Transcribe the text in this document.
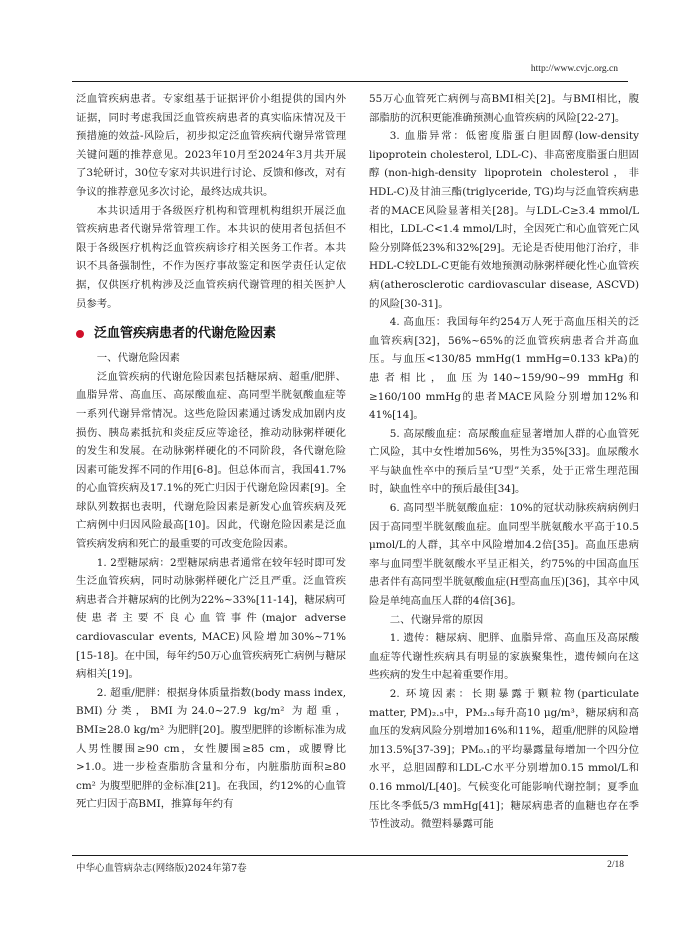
http://www.cvjc.org.cn

泛血管疾病患者。专家组基于证据评价小组提供的国内外证据，同时考虑我国泛血管疾病患者的真实临床情况及干预措施的效益-风险后，初步拟定泛血管疾病代谢异常管理关键问题的推荐意见。2023年10月至2024年3月共开展了3轮研讨，30位专家对共识进行讨论、反馈和修改，对有争议的推荐意见多次讨论，最终达成共识。

本共识适用于各级医疗机构和管理机构组织开展泛血管疾病患者代谢异常管理工作。本共识的使用者包括但不限于各级医疗机构泛血管疾病诊疗相关医务工作者。本共识不具备强制性，不作为医疗事故鉴定和医学责任认定依据，仅供医疗机构涉及泛血管疾病代谢管理的相关医护人员参考。

泛血管疾病患者的代谢危险因素

一、代谢危险因素

泛血管疾病的代谢危险因素包括糖尿病、超重/肥胖、血脂异常、高血压、高尿酸血症、高同型半胱氨酸血症等一系列代谢异常情况。这些危险因素通过诱发成加剧内皮损伤、胰岛素抵抗和炎症反应等途径，推动动脉粥样硬化的发生和发展。在动脉粥样硬化的不同阶段，各代谢危险因素可能发挥不同的作用[6-8]。但总体而言，我国41.7%的心血管疾病及17.1%的死亡归因于代谢危险因素[9]。全球队列数据也表明，代谢危险因素是新发心血管疾病及死亡病例中归因风险最高[10]。因此，代谢危险因素是泛血管疾病发病和死亡的最重要的可改变危险因素。

1. 2型糖尿病：2型糖尿病患者通常在较年轻时即可发生泛血管疾病，同时动脉粥样硬化广泛且严重。泛血管疾病患者合并糖尿病的比例为22%~33%[11-14]，糖尿病可使患者主要不良心血管事件(major adverse cardiovascular events, MACE)风险增加30%~71%[15-18]。在中国，每年约50万心血管疾病死亡病例与糖尿病相关[19]。

2. 超重/肥胖：根据身体质量指数(body mass index, BMI)分类，BMI为24.0~27.9 kg/m² 为超重，BMI≥28.0 kg/m² 为肥胖[20]。腹型肥胖的诊断标准为成人男性腰围≥90 cm，女性腰围≥85 cm，或腰臀比>1.0。进一步检查脂肪含量和分布，内脏脂肪面积≥80 cm² 为腹型肥胖的金标准[21]。在我国，约12%的心血管死亡归因于高BMI，推算每年约有

55万心血管死亡病例与高BMI相关[2]。与BMI相比，腹部脂肪的沉积更能准确预测心血管疾病的风险[22-27]。

3. 血脂异常：低密度脂蛋白胆固醇(low-density lipoprotein cholesterol, LDL-C)、非高密度脂蛋白胆固醇(non-high-density lipoprotein cholesterol，非HDL-C)及甘油三酯(triglyceride, TG)均与泛血管疾病患者的MACE风险显著相关[28]。与LDL-C≥3.4 mmol/L相比，LDL-C<1.4 mmol/L时，全因死亡和心血管死亡风险分别降低23%和32%[29]。无论是否使用他汀治疗，非HDL-C较LDL-C更能有效地预测动脉粥样硬化性心血管疾病(atherosclerotic cardiovascular disease, ASCVD)的风险[30-31]。

4. 高血压：我国每年约254万人死于高血压相关的泛血管疾病[32]，56%~65%的泛血管疾病患者合并高血压。与血压<130/85 mmHg(1 mmHg=0.133 kPa)的患者相比，血压为140~159/90~99 mmHg和≥160/100 mmHg的患者MACE风险分别增加12%和41%[14]。

5. 高尿酸血症：高尿酸血症显著增加人群的心血管死亡风险，其中女性增加56%，男性为35%[33]。血尿酸水平与缺血性卒中的预后呈“U型”关系，处于正常生理范围时，缺血性卒中的预后最佳[34]。

6. 高同型半胱氨酸血症：10%的冠状动脉疾病病例归因于高同型半胱氨酸血症。血同型半胱氨酸水平高于10.5 μmol/L的人群，其卒中风险增加4.2倍[35]。高血压患病率与血同型半胱氨酸水平呈正相关，约75%的中国高血压患者伴有高同型半胱氨酸血症(H型高血压)[36]，其卒中风险是单纯高血压人群的4倍[36]。

二、代谢异常的原因

1. 遗传：糖尿病、肥胖、血脂异常、高血压及高尿酸血症等代谢性疾病具有明显的家族聚集性，遗传倾向在这些疾病的发生中起着重要作用。

2. 环境因素：长期暴露于颗粒物(particulate matter, PM)₂.₅中，PM₂.₅每升高10 μg/m³，糖尿病和高血压的发病风险分别增加16%和11%，超重/肥胖的风险增加13.5%[37-39]；PM₀.₁的平均暴露量每增加一个四分位水平，总胆固醇和LDL-C水平分别增加0.15 mmol/L和0.16 mmol/L[40]。气候变化可能影响代谢控制；夏季血压比冬季低5/3 mmHg[41]；糖尿病患者的血糖也存在季节性波动。微塑料暴露可能

中华心血管病杂志(网络版)2024年第7卷	2/18
